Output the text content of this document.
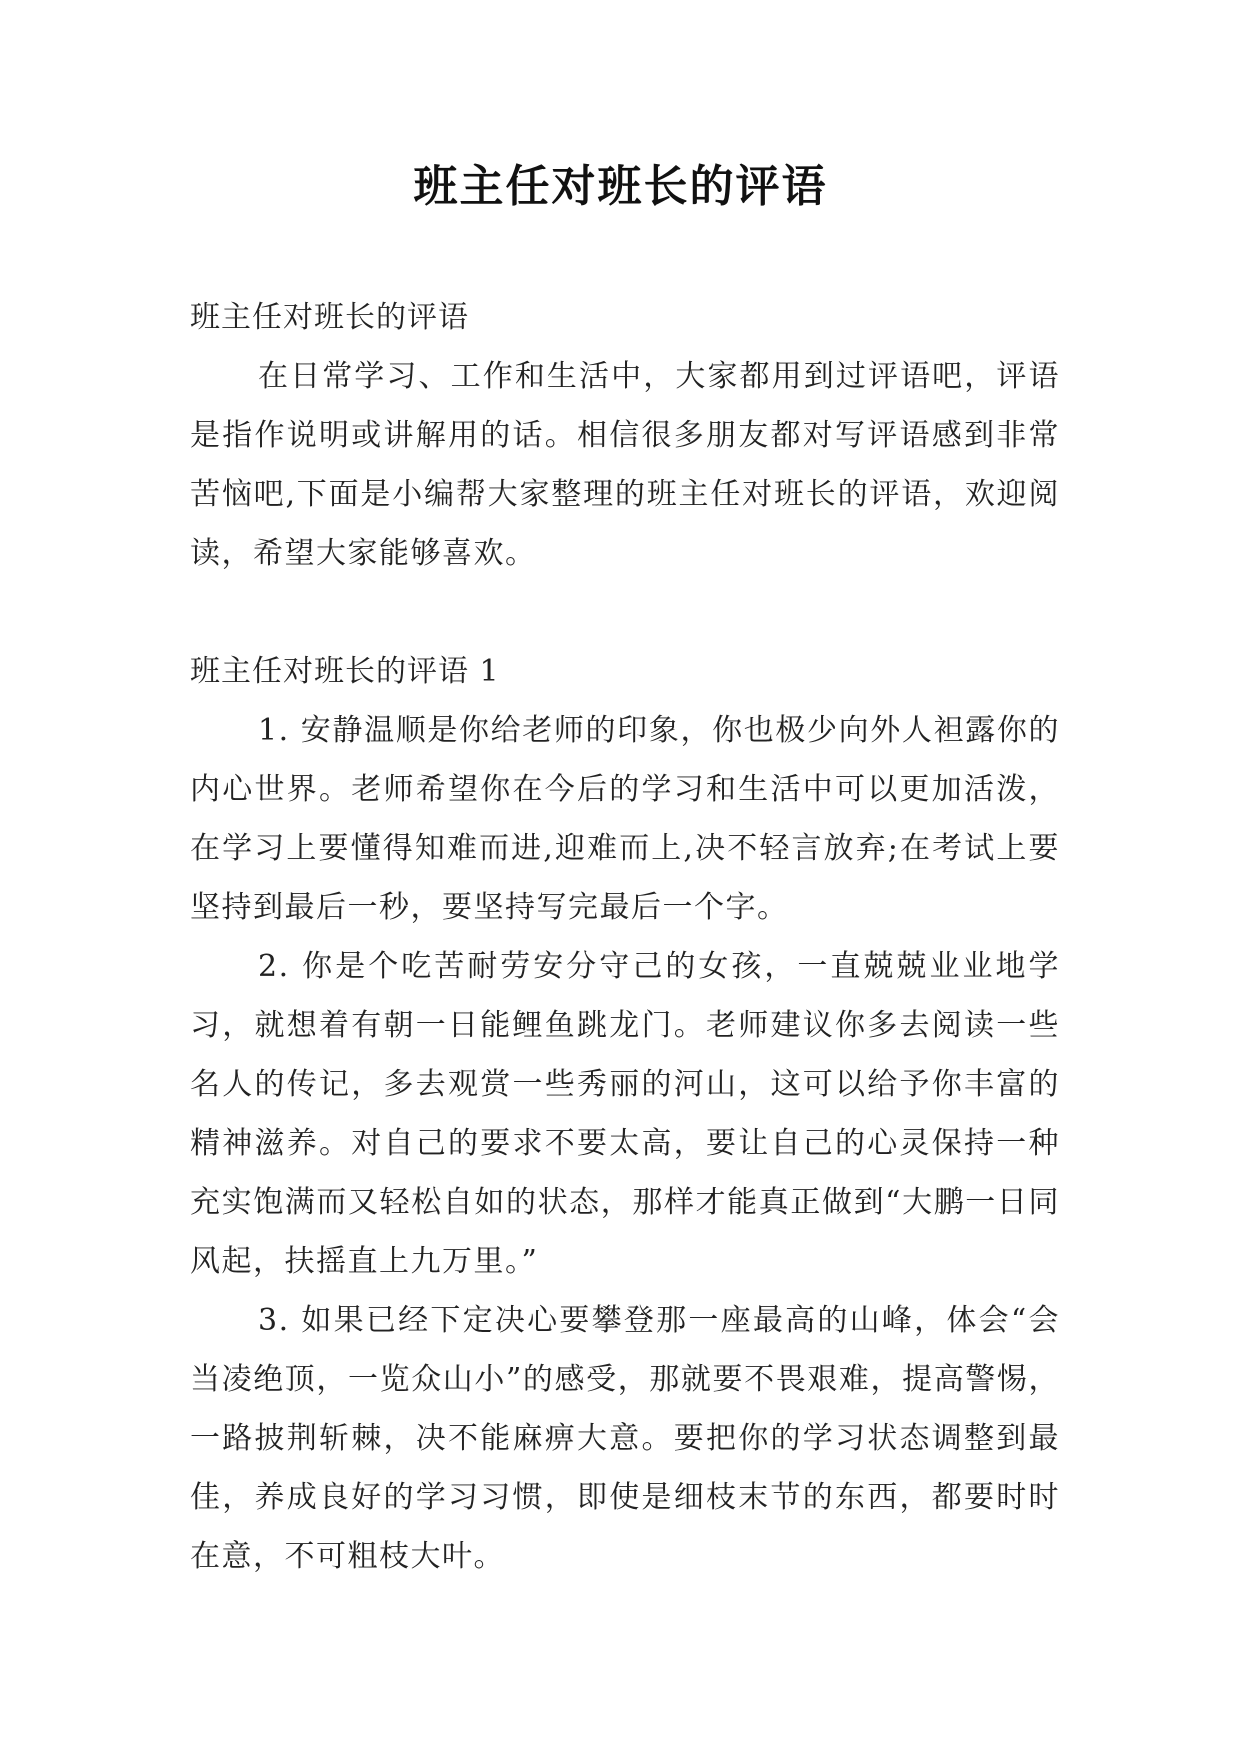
班主任对班长的评语

班主任对班长的评语

在日常学习、工作和生活中，大家都用到过评语吧，评语是指作说明或讲解用的话。相信很多朋友都对写评语感到非常苦恼吧,下面是小编帮大家整理的班主任对班长的评语，欢迎阅读，希望大家能够喜欢。

班主任对班长的评语 1

1. 安静温顺是你给老师的印象，你也极少向外人袒露你的内心世界。老师希望你在今后的学习和生活中可以更加活泼，在学习上要懂得知难而进,迎难而上,决不轻言放弃;在考试上要坚持到最后一秒，要坚持写完最后一个字。

2. 你是个吃苦耐劳安分守己的女孩，一直兢兢业业地学习，就想着有朝一日能鲤鱼跳龙门。老师建议你多去阅读一些名人的传记，多去观赏一些秀丽的河山，这可以给予你丰富的精神滋养。对自己的要求不要太高，要让自己的心灵保持一种充实饱满而又轻松自如的状态，那样才能真正做到“大鹏一日同风起，扶摇直上九万里。”

3. 如果已经下定决心要攀登那一座最高的山峰，体会“会当凌绝顶，一览众山小”的感受，那就要不畏艰难，提高警惕，一路披荆斩棘，决不能麻痹大意。要把你的学习状态调整到最佳，养成良好的学习习惯，即使是细枝末节的东西，都要时时在意，不可粗枝大叶。
